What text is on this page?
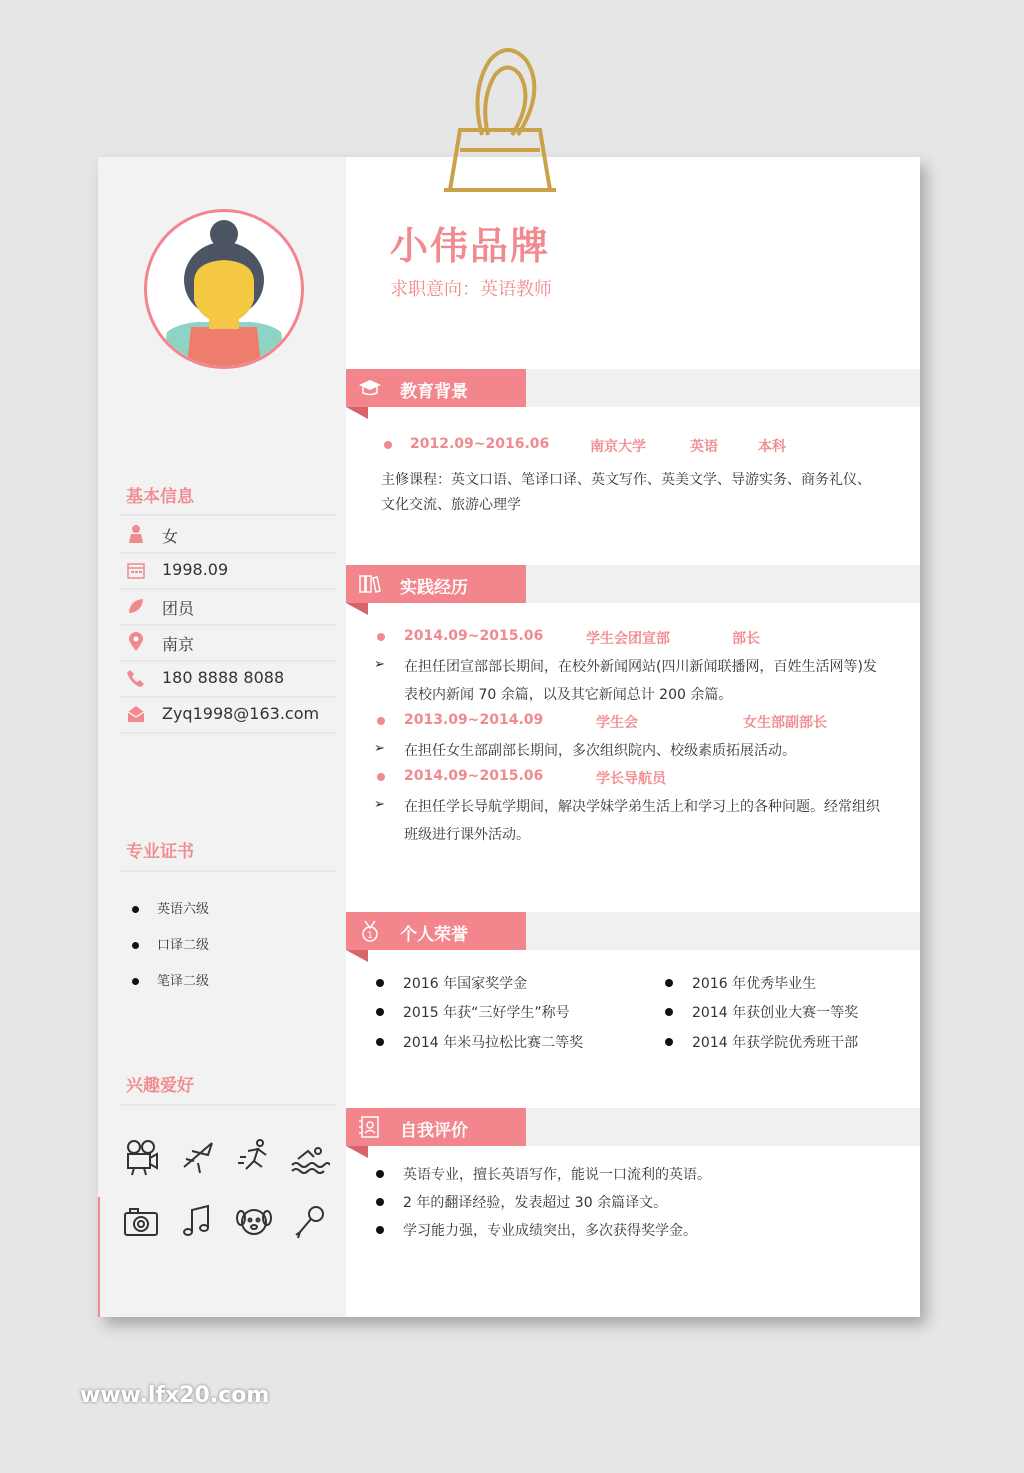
基本信息
女
1998.09
团员
南京
180 8888 8088
Zyq1998@163.com
专业证书
英语六级
口译二级
笔译二级
兴趣爱好
小伟品牌
求职意向：英语教师
教育背景
2012.09~2016.06	南京大学	英语	本科
主修课程：英文口语、笔译口译、英文写作、英美文学、导游实务、商务礼仪、
文化交流、旅游心理学
实践经历
2014.09~2015.06	学生会团宣部	部长
➢ 在担任团宣部部长期间，在校外新闻网站(四川新闻联播网，百姓生活网等)发
表校内新闻 70 余篇，以及其它新闻总计 200 余篇。
2013.09~2014.09	学生会	女生部副部长
➢ 在担任女生部副部长期间，多次组织院内、校级素质拓展活动。
2014.09~2015.06	学长导航员
➢ 在担任学长导航学期间，解决学妹学弟生活上和学习上的各种问题。经常组织
班级进行课外活动。
1 个人荣誉
2016 年国家奖学金
2015 年获“三好学生”称号
2014 年米马拉松比赛二等奖
2016 年优秀毕业生
2014 年获创业大赛一等奖
2014 年获学院优秀班干部
自我评价
英语专业，擅长英语写作，能说一口流利的英语。
2 年的翻译经验，发表超过 30 余篇译文。
学习能力强，专业成绩突出，多次获得奖学金。
www.lfx20.com
